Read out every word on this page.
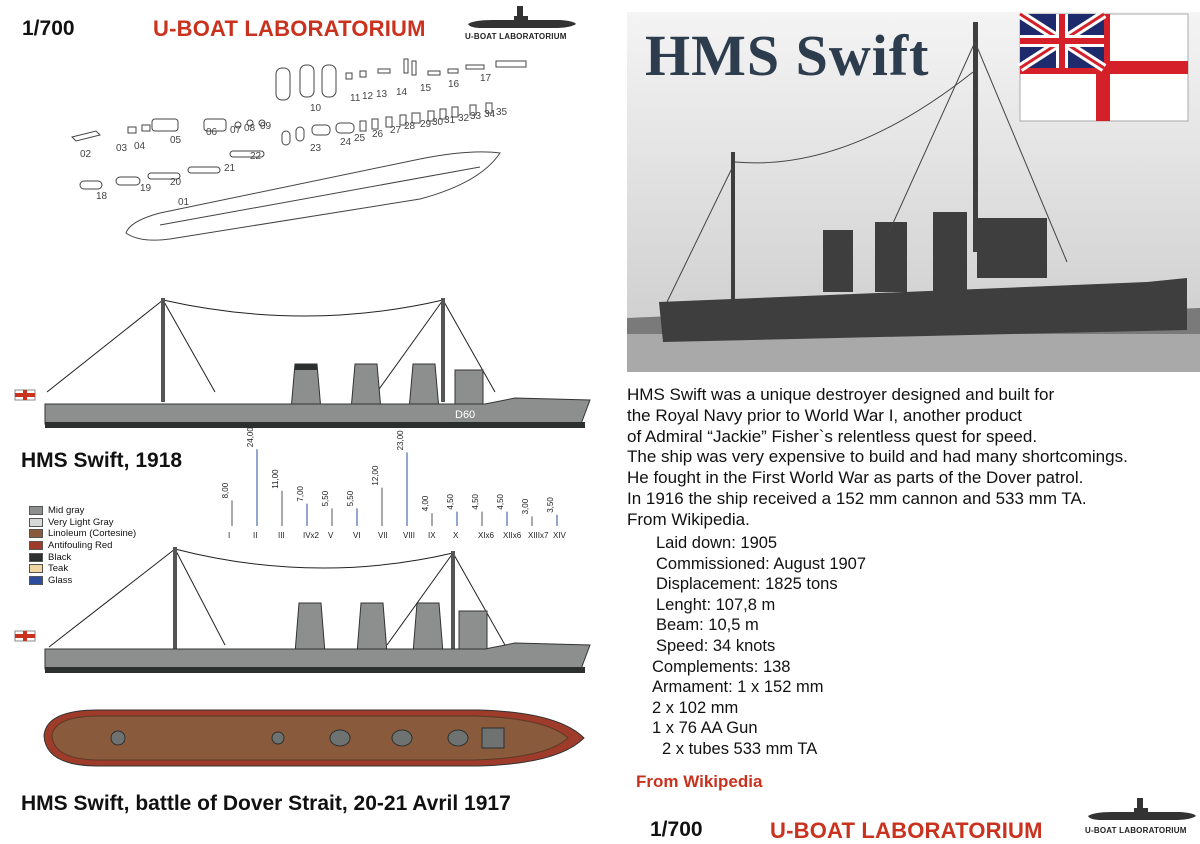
1/700	U-BOAT LABORATORIUM	U-BOAT LABORATORIUM
02
03 04
05
06 07 08 09
10
11 12 13 14 15 16
17
18
19
20
21
22
23
24 25 26 27 28 29 30 31 32 33 34 35
01
D60
HMS Swift, 1918
8,00
I
24,00
II
11,00
III
7,00
IVx2
5,50
V
5,50
VI
12,00
VII
23,00
VIII
4,00
IX
4,50
X
4,50
XIx6
4,50
XIIx6
3,00
XIIIx7
3,50
XIV
Mid gray
Very Light Gray
Linoleum (Cortesine)
Antifouling Red
Black
Teak
Glass
HMS Swift, battle of Dover Strait, 20-21 Avril 1917
HMS Swift
HMS Swift was a unique destroyer designed and built for
the Royal Navy prior to World War I, another product
of Admiral “Jackie” Fisher`s relentless quest for speed.
The ship was very expensive to build and had many shortcomings.
He fought in the First World War as parts of the Dover patrol.
In 1916 the ship received a 152 mm cannon and 533 mm TA.
From Wikipedia.
Laid down: 1905
Commissioned: August 1907
Displacement: 1825 tons
Lenght: 107,8 m
Beam: 10,5 m
Speed: 34 knots
Complements: 138
Armament: 1 x 152 mm
2 x 102 mm
1 x 76 AA Gun
2 x tubes 533 mm TA
From Wikipedia
1/700	U-BOAT LABORATORIUM	U-BOAT LABORATORIUM
